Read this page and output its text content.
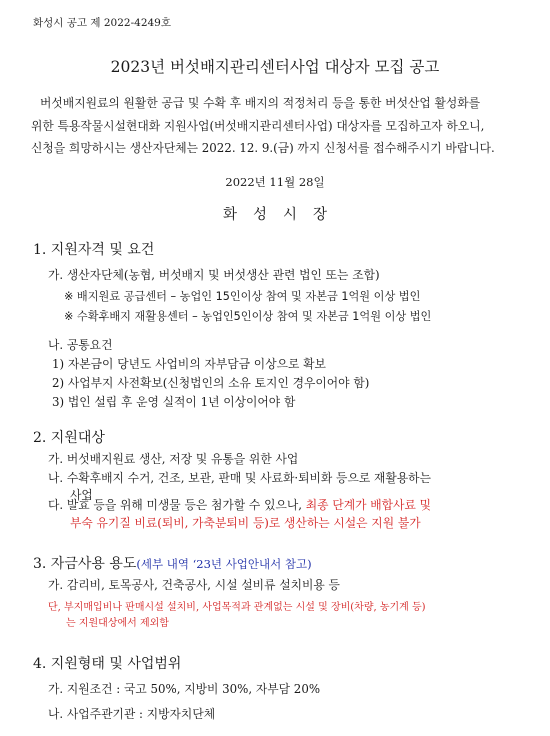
화성시 공고 제 2022-4249호
2023년 버섯배지관리센터사업 대상자 모집 공고
버섯배지원료의 원활한 공급 및 수확 후 배지의 적정처리 등을 통한 버섯산업 활성화를
위한 특용작물시설현대화 지원사업(버섯배지관리센터사업) 대상자를 모집하고자 하오니,
신청을 희망하시는 생산자단체는 2022. 12. 9.(금) 까지 신청서를 접수해주시기 바랍니다.
2022년 11월 28일
화성시장
1. 지원자격 및 요건
가. 생산자단체(농협, 버섯배지 및 버섯생산 관련 법인 또는 조합)
※ 배지원료 공급센터 – 농업인 15인이상 참여 및 자본금 1억원 이상 법인
※ 수확후배지 재활용센터 – 농업인5인이상 참여 및 자본금 1억원 이상 법인
나. 공통요건
1) 자본금이 당년도 사업비의 자부담금 이상으로 확보
2) 사업부지 사전확보(신청법인의 소유 토지인 경우이어야 함)
3) 법인 설립 후 운영 실적이 1년 이상이어야 함
2. 지원대상
가. 버섯배지원료 생산, 저장 및 유통을 위한 사업
나. 수확후배지 수거, 건조, 보관, 판매 및 사료화·퇴비화 등으로 재활용하는
사업
다. 발효 등을 위해 미생물 등은 첨가할 수 있으나, 최종 단계가 배합사료 및
부숙 유기질 비료(퇴비, 가축분퇴비 등)로 생산하는 시설은 지원 불가
3. 자금사용 용도(세부 내역 ‘23년 사업안내서 참고)
가. 감리비, 토목공사, 건축공사, 시설 설비류 설치비용 등
단, 부지매입비나 판매시설 설치비, 사업목적과 관계없는 시설 및 장비(차량, 농기계 등)
는 지원대상에서 제외함
4. 지원형태 및 사업범위
가. 지원조건 : 국고 50%, 지방비 30%, 자부담 20%
나. 사업주관기관 : 지방자치단체
